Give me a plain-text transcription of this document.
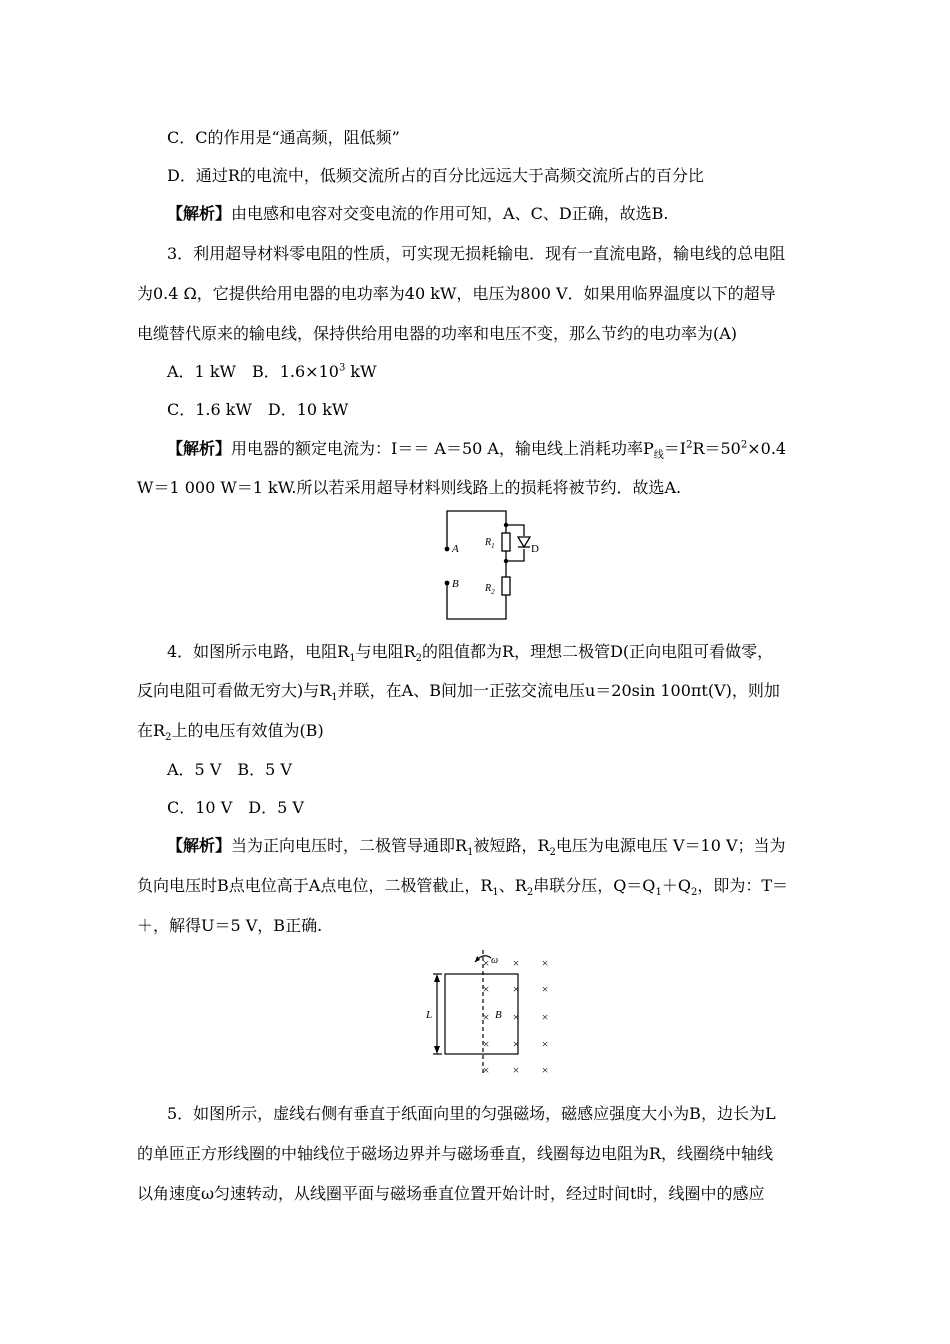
C．C的作用是“通高频，阻低频”
D．通过R的电流中，低频交流所占的百分比远远大于高频交流所占的百分比
【解析】由电感和电容对交变电流的作用可知，A、C、D正确，故选B.
3．利用超导材料零电阻的性质，可实现无损耗输电．现有一直流电路，输电线的总电阻
为0.4 Ω，它提供给用电器的电功率为40 kW，电压为800 V．如果用临界温度以下的超导
电缆替代原来的输电线，保持供给用电器的功率和电压不变，那么节约的电功率为(A)
A．1 kW　B．$1.6\times 10^3$ kW
C．1.6 kW　D．10 kW
【解析】用电器的额定电流为：I＝＝ A＝50 A，输电线上消耗功率$P_线=I^2R=50^2\times 0.4$
W＝1 000 W＝1 kW.所以若采用超导材料则线路上的损耗将被节约．故选A.
A
B
$R_1$
$R_2$
D
4．如图所示电路，电阻$R_1$与电阻$R_2$的阻值都为R，理想二极管D(正向电阻可看做零，
反向电阻可看做无穷大)与$R_1$并联，在A、B间加一正弦交流电压u＝20sin 100πt(V)，则加
在$R_2$上的电压有效值为(B)
A．5 V　B．5 V
C．10 V　D．5 V
【解析】当为正向电压时，二极管导通即$R_1$被短路，$R_2$电压为电源电压 V＝10 V；当为
负向电压时B点电位高于A点电位，二极管截止，$R_1$、$R_2$串联分压，$Q=Q_1+Q_2$，即为：T＝
＋，解得U＝5 V，B正确.
ω
L	B
× × ×
× × ×
× × ×
× × ×
× × ×
5．如图所示，虚线右侧有垂直于纸面向里的匀强磁场，磁感应强度大小为B，边长为L
的单匝正方形线圈的中轴线位于磁场边界并与磁场垂直，线圈每边电阻为R，线圈绕中轴线
以角速度ω匀速转动，从线圈平面与磁场垂直位置开始计时，经过时间t时，线圈中的感应
